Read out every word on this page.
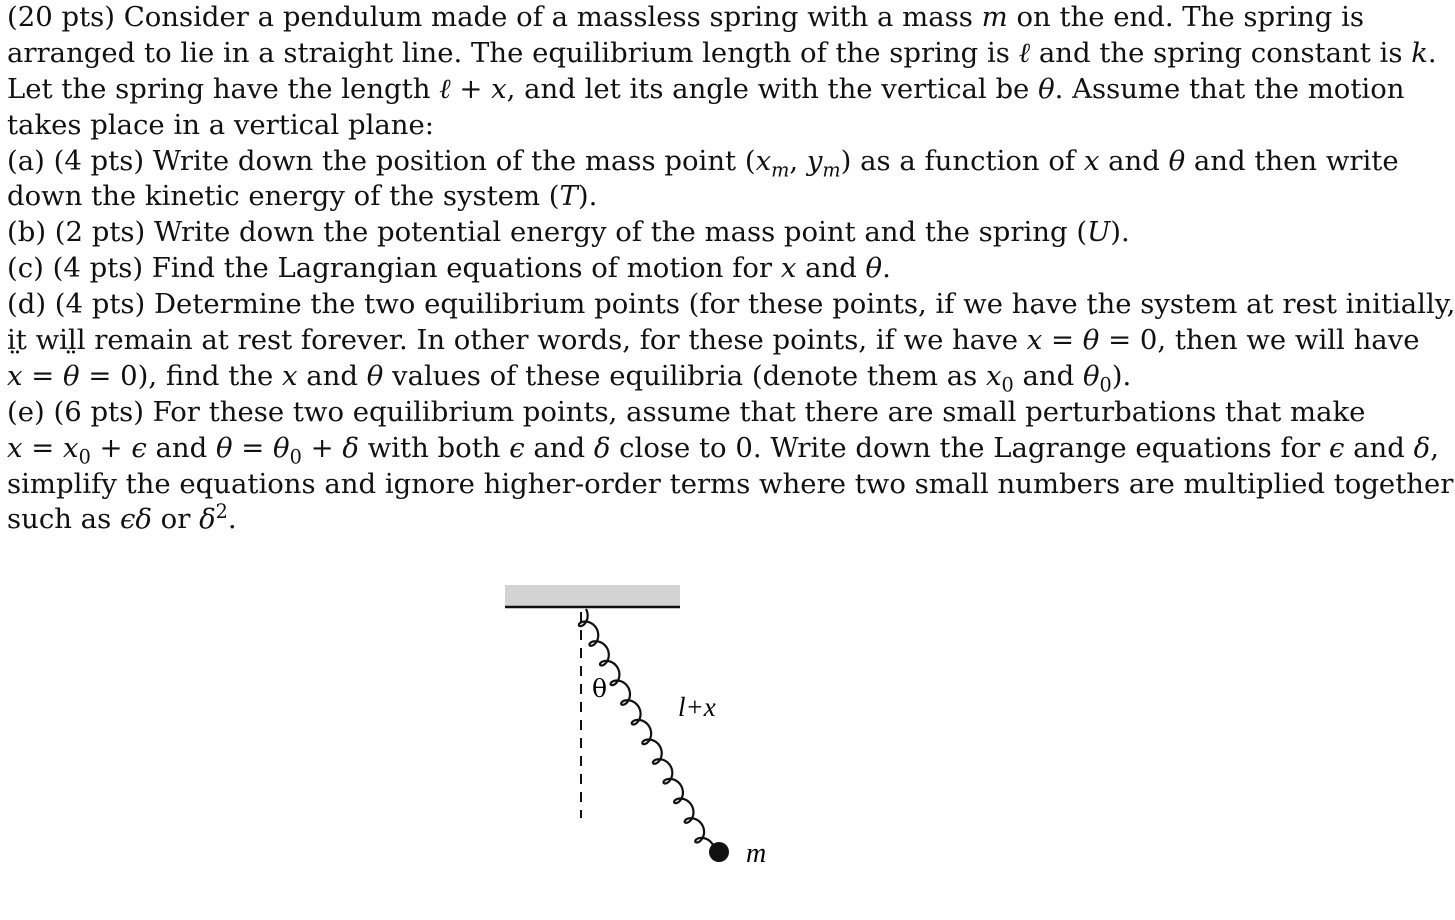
(20 pts) Consider a pendulum made of a massless spring with a mass m on the end. The spring is
arranged to lie in a straight line. The equilibrium length of the spring is ℓ and the spring constant is k.
Let the spring have the length ℓ + x, and let its angle with the vertical be θ. Assume that the motion
takes place in a vertical plane:
(a) (4 pts) Write down the position of the mass point ($x_m$, $y_m$) as a function of x and θ and then write
down the kinetic energy of the system (T).
(b) (2 pts) Write down the potential energy of the mass point and the spring (U).
(c) (4 pts) Find the Lagrangian equations of motion for x and θ.
(d) (4 pts) Determine the two equilibrium points (for these points, if we have the system at rest initially,
it will remain at rest forever. In other words, for these points, if we have x ˙ = θ ˙ = 0, then we will have
x ¨ = θ ¨ = 0), find the x and θ values of these equilibria (denote them as $x_0$ and $\theta_0$).
(e) (6 pts) For these two equilibrium points, assume that there are small perturbations that make
$x = x_0 + \epsilon$ and $\theta = \theta_0 + \delta$ with both ϵ and δ close to 0. Write down the Lagrange equations for ϵ and δ,
simplify the equations and ignore higher-order terms where two small numbers are multiplied together
such as ϵδ or δ ˙$^2$.
θ
l+x
m
